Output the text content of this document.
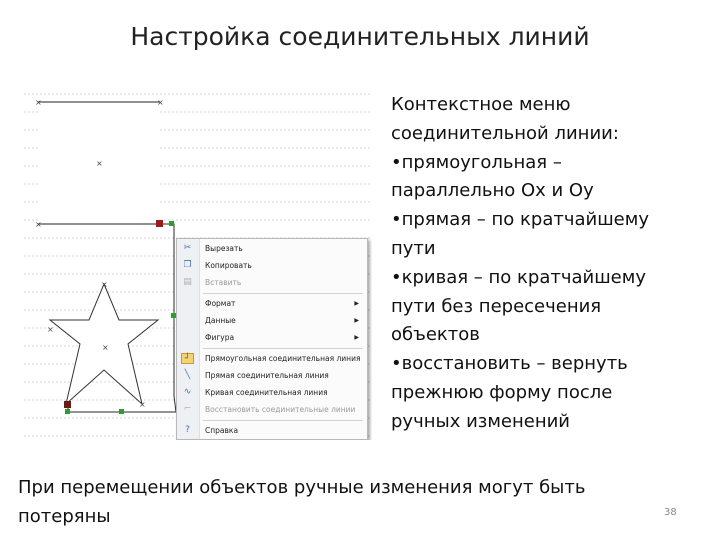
Настройка соединительных линий
×	×
×
×
×
×
×
×
✂	Вырезать
❐	Копировать
▤	Вставить
Формат	▶
Данные	▶
Фигура	▶
┘	Прямоугольная соединительная линия
╲	Прямая соединительная линия
∿	Кривая соединительная линия
⌐	Восстановить соединительные линии
?	Справка
Контекстное меню
соединительной линии:
•прямоугольная –
параллельно Ox и Oy
•прямая – по кратчайшему
пути
•кривая – по кратчайшему
пути без пересечения
объектов
•восстановить – вернуть
прежнюю форму после
ручных изменений
При перемещении объектов ручные изменения могут быть потеряны	38
